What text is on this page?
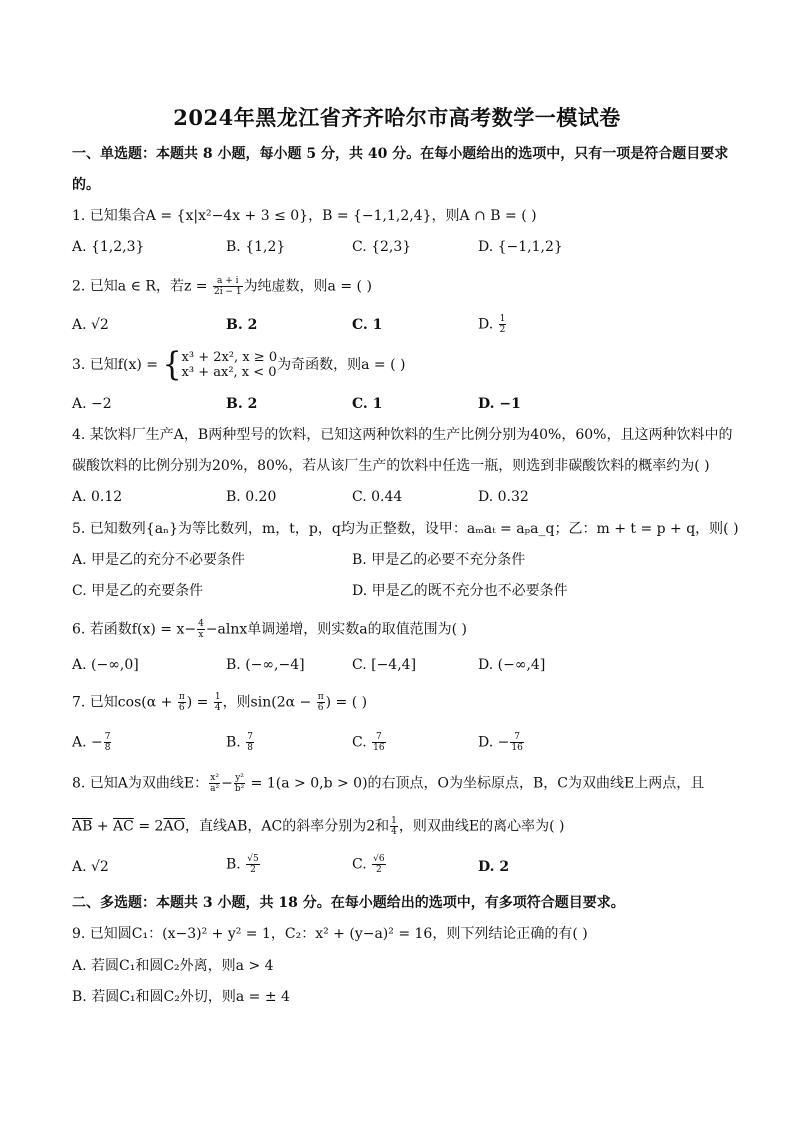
2024年黑龙江省齐齐哈尔市高考数学一模试卷
一、单选题：本题共 8 小题，每小题 5 分，共 40 分。在每小题给出的选项中，只有一项是符合题目要求
的。
1. 已知集合A = {x|x²−4x + 3 ≤ 0}，B = {−1,1,2,4}，则A ∩ B = ( )
A. {1,2,3}	B. {1,2}	C. {2,3}	D. {−1,1,2}
2. 已知a ∈ R，若$z = \frac{a + i}{2i - 1}$ 为纯虚数，则a = ( )
A. √2	B. 2	C. 1	D. $\frac{1}{2}$
3. 已知f(x) = { x³ + 2x², x ≥ 0
x³ + ax², x < 0 为奇函数，则a = ( )
A. −2	B. 2	C. 1	D. −1
4. 某饮料厂生产A，B两种型号的饮料，已知这两种饮料的生产比例分别为40%，60%，且这两种饮料中的
碳酸饮料的比例分别为20%，80%，若从该厂生产的饮料中任选一瓶，则选到非碳酸饮料的概率约为( )
A. 0.12	B. 0.20	C. 0.44	D. 0.32
5. 已知数列{aₙ}为等比数列，m，t，p，q均为正整数，设甲：aₘaₜ = aₚa_q；乙：m + t = p + q，则( )
A. 甲是乙的充分不必要条件	B. 甲是乙的必要不充分条件
C. 甲是乙的充要条件	D. 甲是乙的既不充分也不必要条件
6. 若函数$f(x) = x- \frac{4}{x} -alnx$单调递增，则实数a的取值范围为( )
A. (−∞,0]	B. (−∞,−4]	C. [−4,4]	D. (−∞,4]
7. 已知$\cos(\alpha + \frac{\pi}{6}$ ) = $\frac{1}{4}$ ，则$\sin(2\alpha - \frac{\pi}{6}$ ) = ( )
A. − $\frac{7}{8}$	B. $\frac{7}{8}$	C. $\frac{7}{16}$	D. − $\frac{7}{16}$
8. 已知A为双曲线E： $\frac{\text{x²}}{\text{a²}} - \frac{\text{y²}}{\text{b²}} = 1(a > 0,b > 0)$的右顶点，O为坐标原点，B，C为双曲线E上两点，且
$\overline{AB} + \overline{AC} = 2\overline{AO}$，直线AB，AC的斜率分别为2和 $\frac{1}{4}$ ，则双曲线E的离心率为( )
A. √2	B. $\frac{√5}{2}$	C. $\frac{√6}{2}$	D. 2
二、多选题：本题共 3 小题，共 18 分。在每小题给出的选项中，有多项符合题目要求。
9. 已知圆C₁：(x−3)² + y² = 1，C₂：x² + (y−a)² = 16，则下列结论正确的有( )
A. 若圆C₁和圆C₂外离，则a > 4
B. 若圆C₁和圆C₂外切，则a = ± 4
